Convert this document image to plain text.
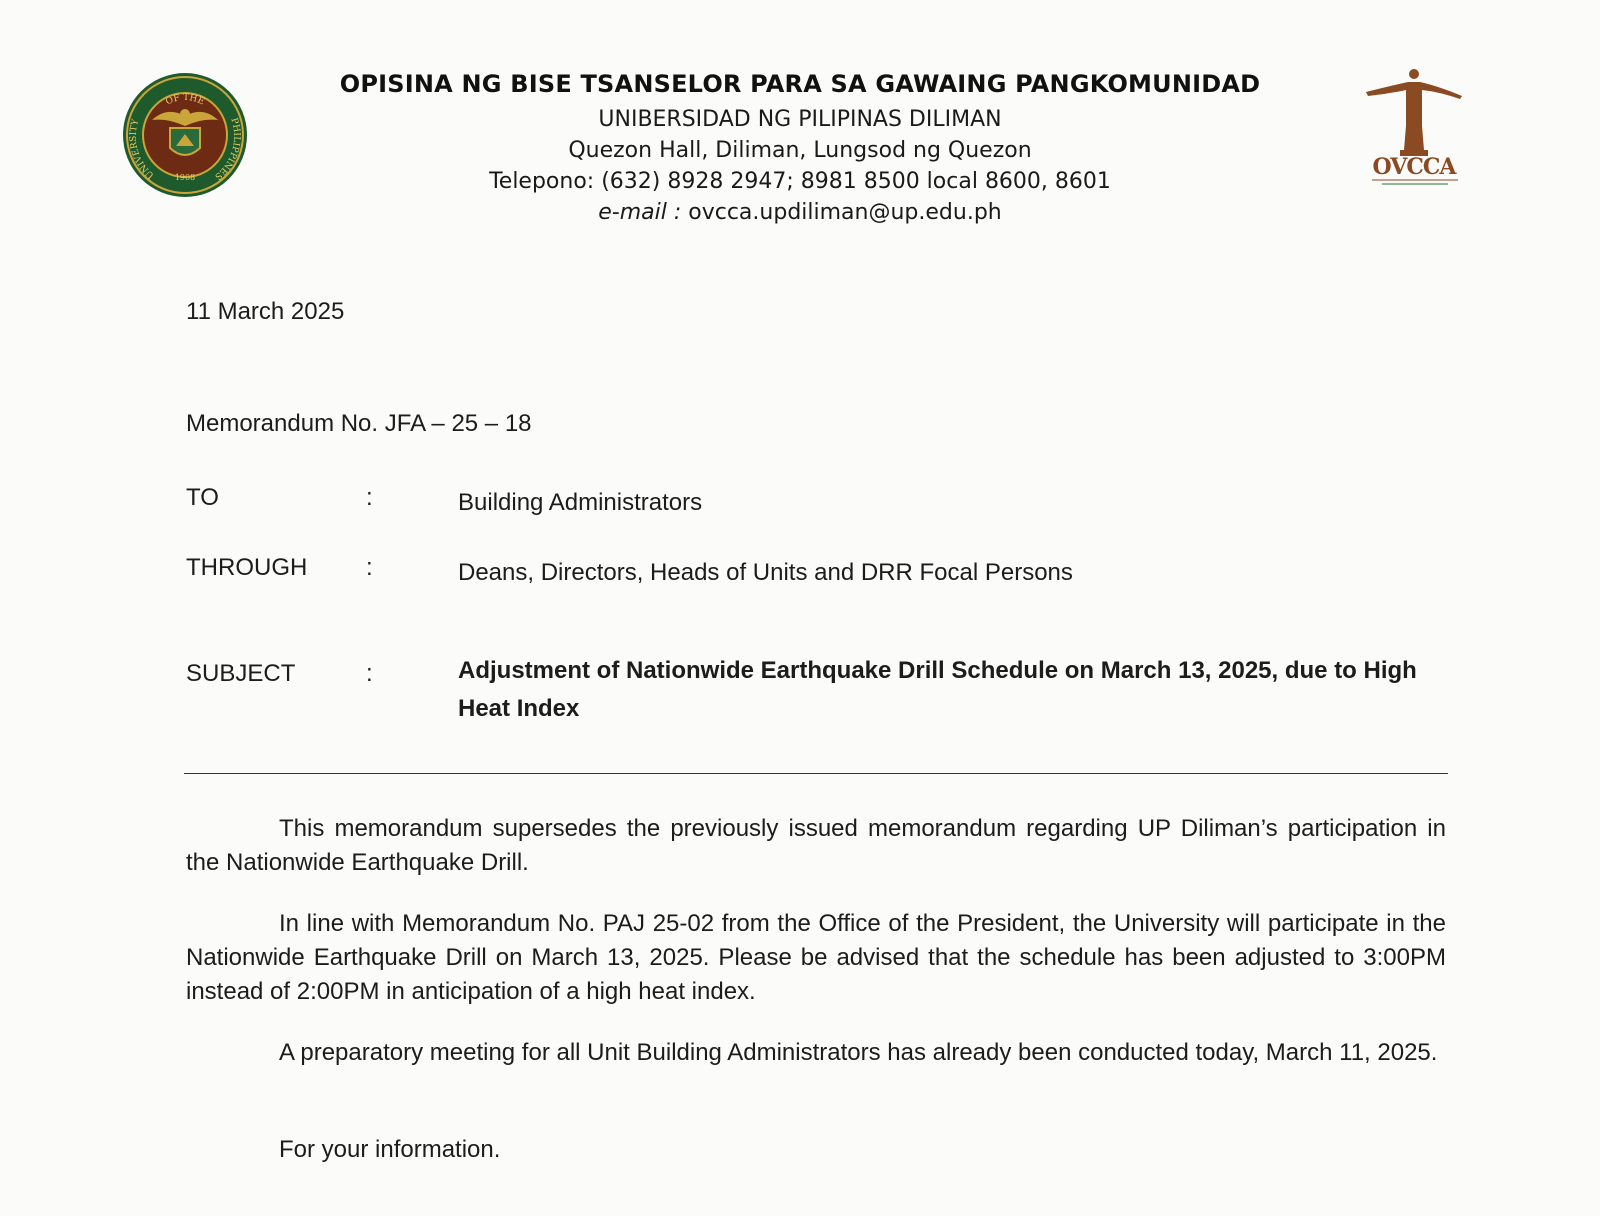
OF THE
UNIVERSITY	PHILIPPINES
1908
OPISINA NG BISE TSANSELOR PARA SA GAWAING PANGKOMUNIDAD
UNIBERSIDAD NG PILIPINAS DILIMAN
Quezon Hall, Diliman, Lungsod ng Quezon
Telepono: (632) 8928 2947; 8981 8500 local 8600, 8601
e-mail : ovcca.updiliman@up.edu.ph
OVCCA
11 March 2025
Memorandum No. JFA – 25 – 18
TO	:	Building Administrators
THROUGH :	Deans, Directors, Heads of Units and DRR Focal Persons
SUBJECT	:	Adjustment of Nationwide Earthquake Drill Schedule on March 13, 2025, due to High Heat Index

This memorandum supersedes the previously issued memorandum regarding UP Diliman’s participation in the Nationwide Earthquake Drill.

In line with Memorandum No. PAJ 25-02 from the Office of the President, the University will participate in the Nationwide Earthquake Drill on March 13, 2025. Please be advised that the schedule has been adjusted to 3:00PM instead of 2:00PM in anticipation of a high heat index.

A preparatory meeting for all Unit Building Administrators has already been conducted today, March 11, 2025.

For your information.
